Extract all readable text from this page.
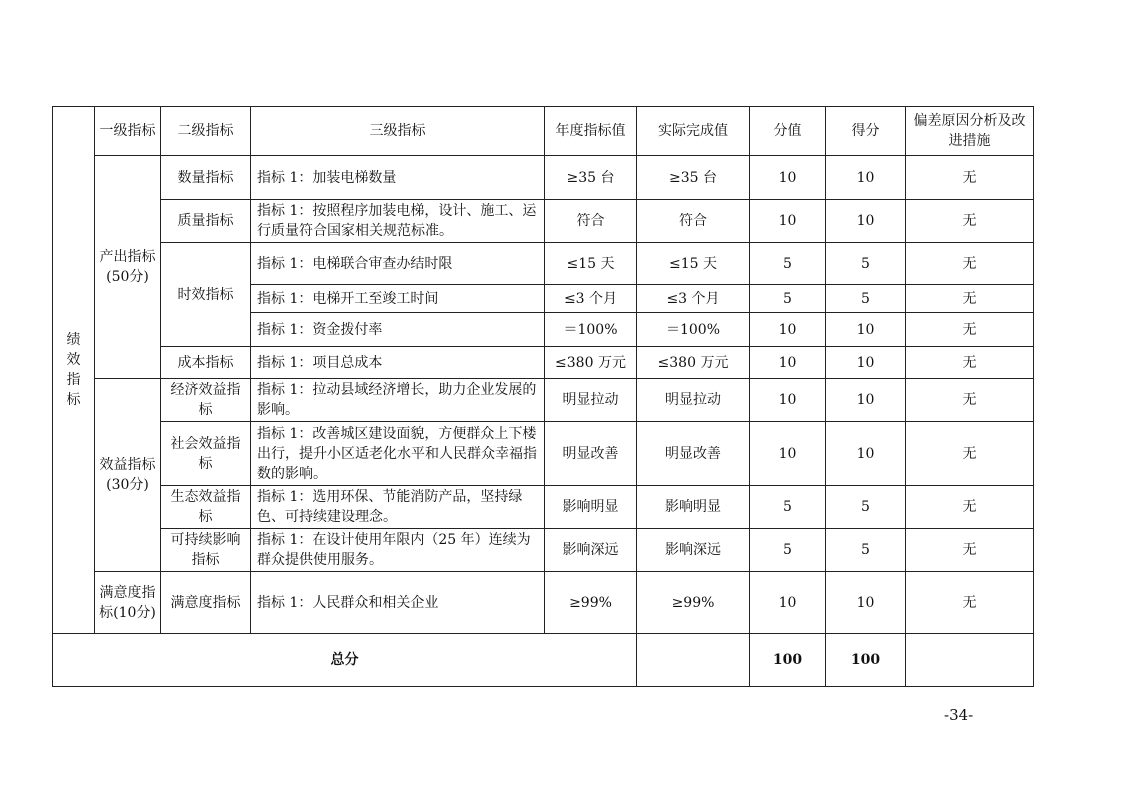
绩效指标	一级指标	二级指标	三级指标	年度指标值	实际完成值	分值	得分	偏差原因分析及改进措施
	产出指标(50分)	数量指标	指标 1：加装电梯数量	≥35 台	≥35 台	10	10	无
		质量指标	指标 1：按照程序加装电梯，设计、施工、运行质量符合国家相关规范标准。	符合	符合	10	10	无
		时效指标	指标 1：电梯联合审查办结时限	≤15 天	≤15 天	5	5	无
			指标 1：电梯开工至竣工时间	≤3 个月	≤3 个月	5	5	无
			指标 1：资金拨付率	＝100%	＝100%	10	10	无
		成本指标	指标 1：项目总成本	≤380 万元	≤380 万元	10	10	无
	效益指标(30分)	经济效益指标	指标 1：拉动县域经济增长，助力企业发展的影响。	明显拉动	明显拉动	10	10	无
		社会效益指标	指标 1：改善城区建设面貌，方便群众上下楼出行，提升小区适老化水平和人民群众幸福指数的影响。	明显改善	明显改善	10	10	无
		生态效益指标	指标 1：选用环保、节能消防产品，坚持绿色、可持续建设理念。	影响明显	影响明显	5	5	无
		可持续影响指标	指标 1：在设计使用年限内（25 年）连续为群众提供使用服务。	影响深远	影响深远	5	5	无
	满意度指标(10分)	满意度指标	指标 1：人民群众和相关企业	≥99%	≥99%	10	10	无
总分						100	100	
-34-
